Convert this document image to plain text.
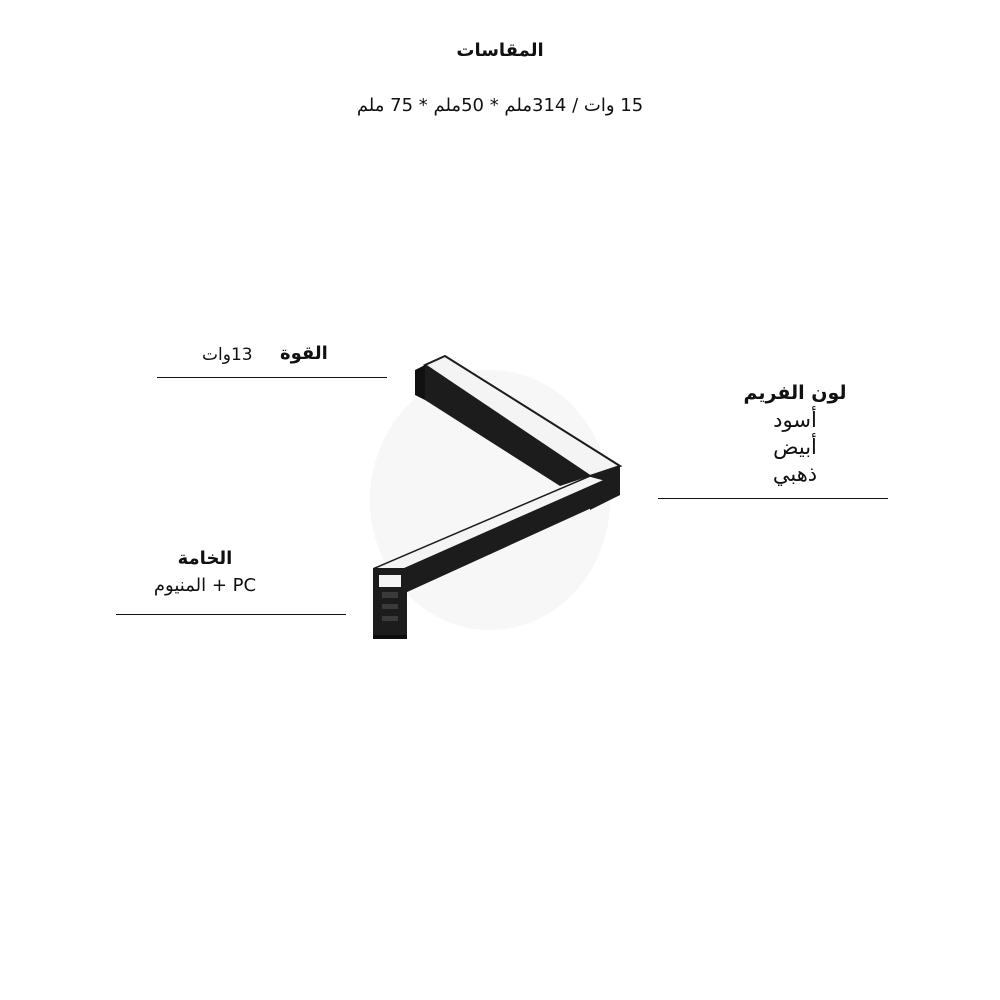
المقاسات
15 وات / 314ملم * 50ملم * 75 ملم
القوة
13وات
لون الفريم
أسود
أبيض
ذهبي
الخامة
PC + المنيوم
